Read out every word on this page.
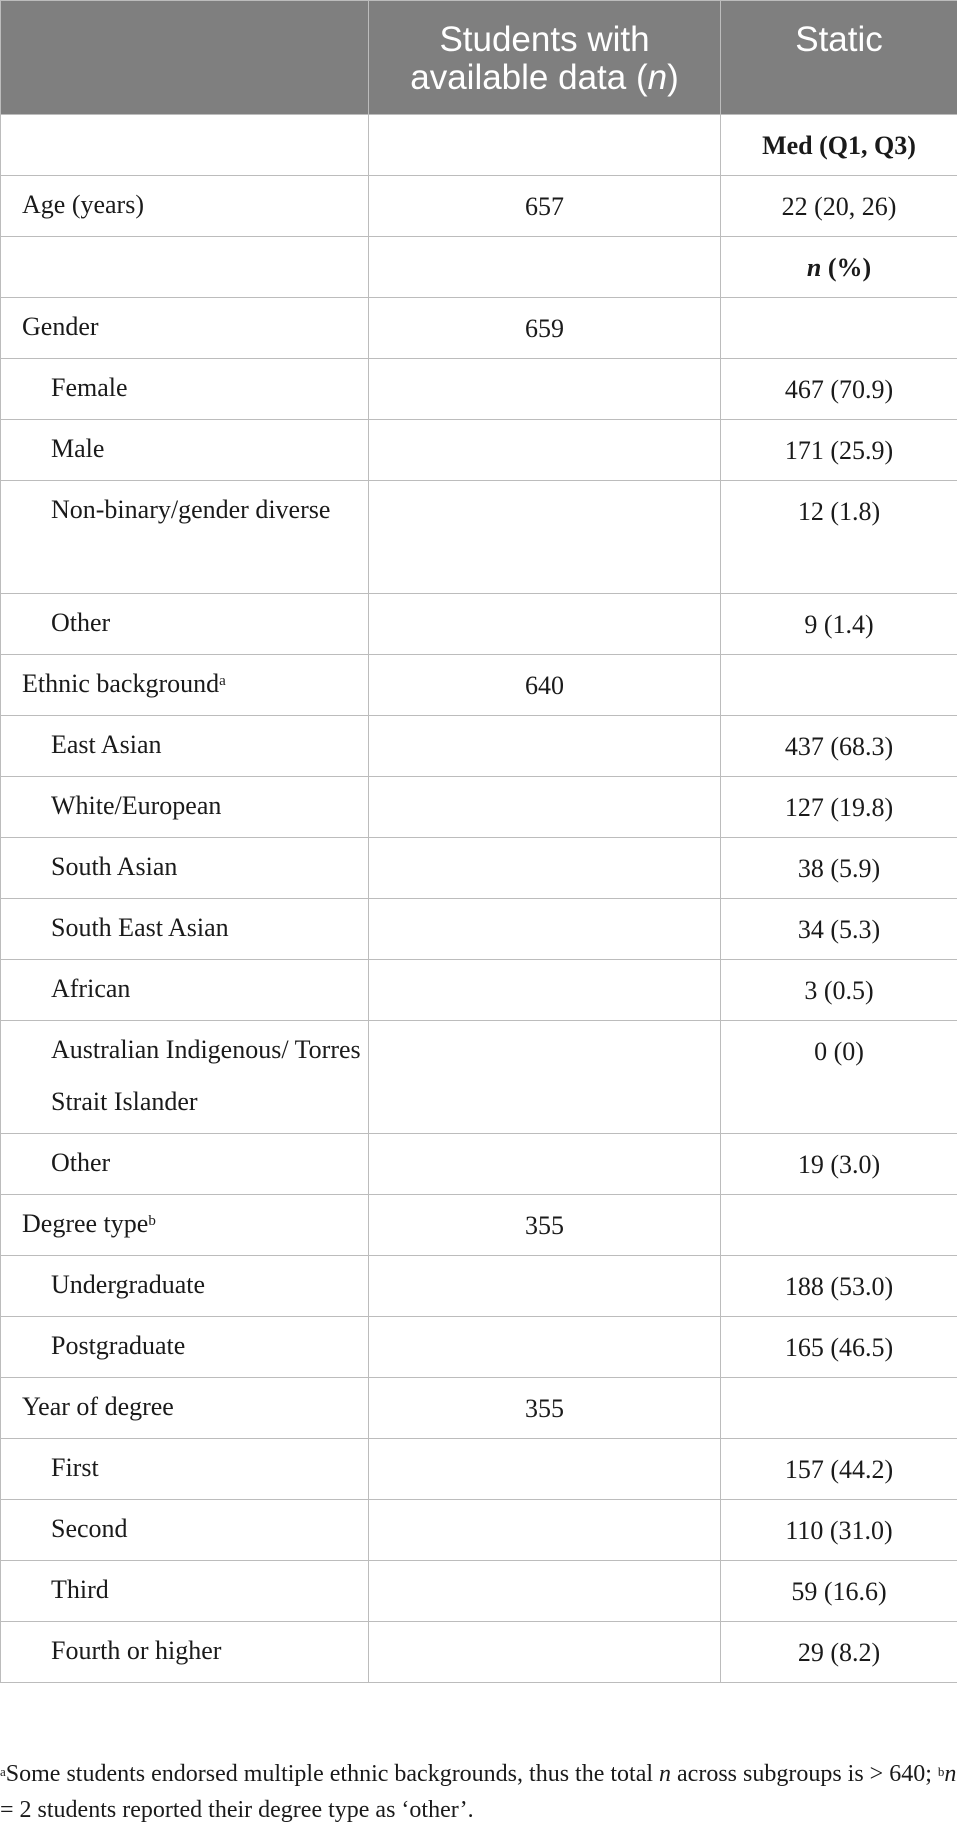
	Students with
available data (n)	Static

		Med (Q1, Q3)

Age (years)	657	22 (20, 26)
		n (%)

Gender	659	

Female		467 (70.9)

Male		171 (25.9)

Non-binary/gender diverse		12 (1.8)

Other		9 (1.4)

Ethnic background$^a$	640	

East Asian		437 (68.3)

White/European		127 (19.8)

South Asian		38 (5.9)

South East Asian		34 (5.3)

African		3 (0.5)

Australian Indigenous/ Torres Strait Islander		0 (0)

Other		19 (3.0)

Degree type$^b$	355	

Undergraduate		188 (53.0)

Postgraduate		165 (46.5)

Year of degree	355	

First		157 (44.2)

Second		110 (31.0)

Third		59 (16.6)

Fourth or higher		29 (8.2)
$^a$Some students endorsed multiple ethnic backgrounds, thus the total n across subgroups is > 640; $^b$n = 2 students reported their degree type as ‘other’.
